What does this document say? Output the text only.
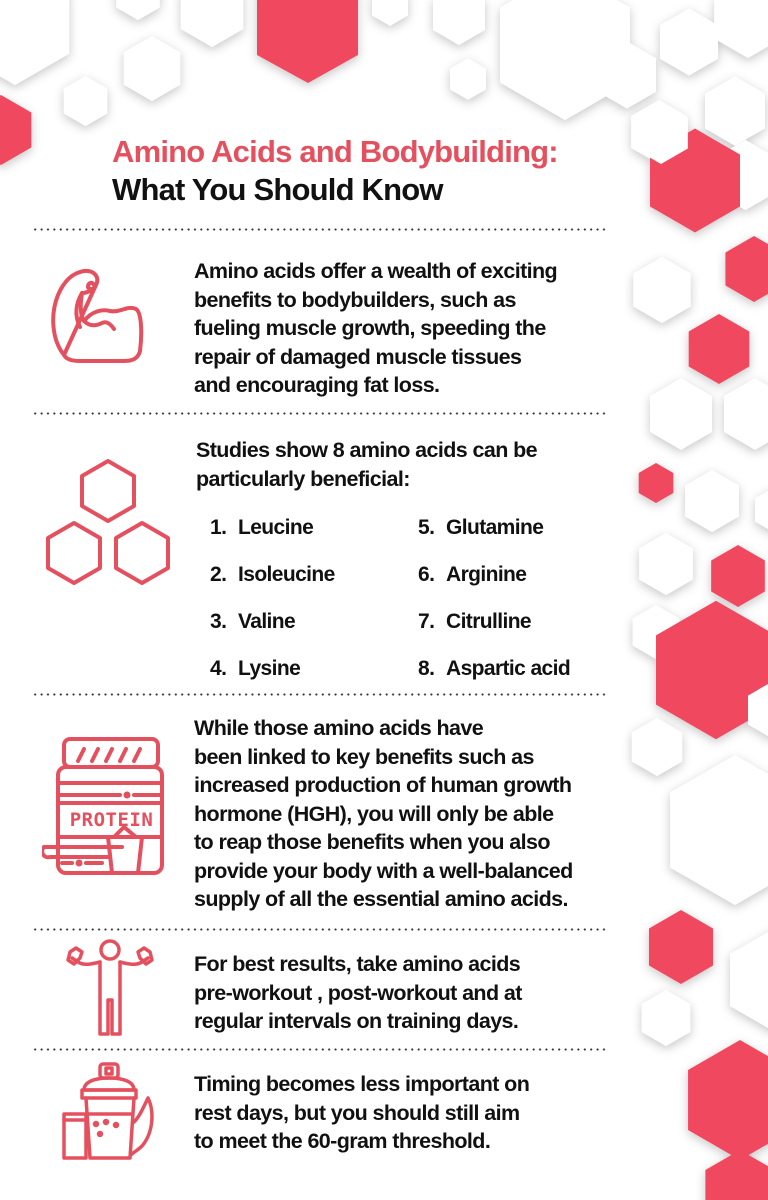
Amino Acids and Bodybuilding:
What You Should Know
Amino acids offer a wealth of exciting
benefits to bodybuilders, such as
fueling muscle growth, speeding the
repair of damaged muscle tissues
and encouraging fat loss.
Studies show 8 amino acids can be
particularly beneficial:
1. Leucine
2. Isoleucine
3. Valine
4. Lysine
5. Glutamine
6. Arginine
7. Citrulline
8. Aspartic acid
PROTEIN
While those amino acids have
been linked to key benefits such as
increased production of human growth
hormone (HGH), you will only be able
to reap those benefits when you also
provide your body with a well-balanced
supply of all the essential amino acids.
For best results, take amino acids
pre-workout , post-workout and at
regular intervals on training days.
Timing becomes less important on
rest days, but you should still aim
to meet the 60-gram threshold.
